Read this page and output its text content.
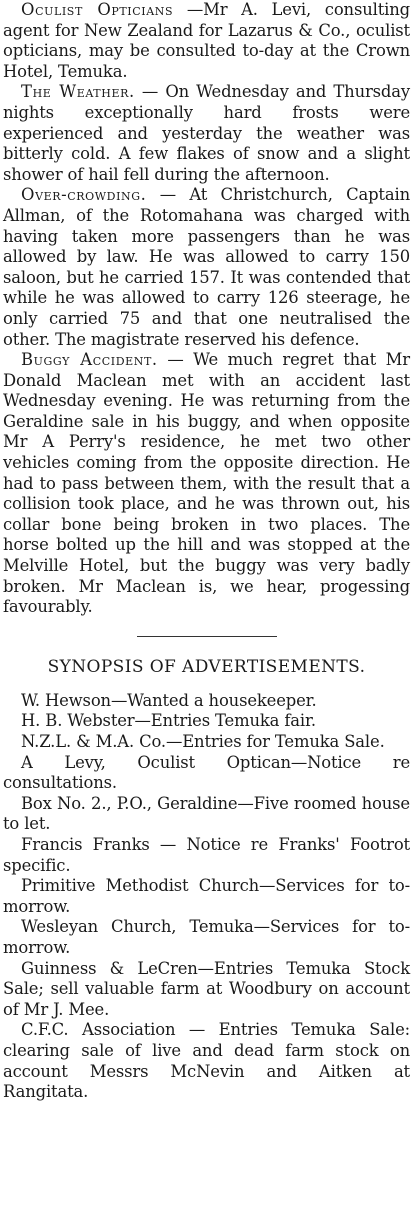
Oculist Opticians —Mr A. Levi, consulting agent for New Zealand for Lazarus & Co., oculist opticians, may be consulted to-day at the Crown Hotel, Temuka.

The Weather. — On Wednesday and Thursday nights exceptionally hard frosts were experienced and yesterday the weather was bitterly cold. A few flakes of snow and a slight shower of hail fell during the afternoon.

Over-crowding. — At Christchurch, Captain Allman, of the Rotomahana was charged with having taken more passengers than he was allowed by law. He was allowed to carry 150 saloon, but he carried 157. It was contended that while he was allowed to carry 126 steerage, he only carried 75 and that one neutralised the other. The magistrate reserved his defence.

Buggy Accident. — We much regret that Mr Donald Maclean met with an accident last Wednesday evening. He was returning from the Geraldine sale in his buggy, and when opposite Mr A Perry's residence, he met two other vehicles coming from the opposite direction. He had to pass between them, with the result that a collision took place, and he was thrown out, his collar bone being broken in two places. The horse bolted up the hill and was stopped at the Melville Hotel, but the buggy was very badly broken. Mr Maclean is, we hear, progessing favourably.

SYNOPSIS OF ADVERTISEMENTS.

W. Hewson—Wanted a housekeeper.

H. B. Webster—Entries Temuka fair.

N.Z.L. & M.A. Co.—Entries for Temuka Sale.

A Levy, Oculist Optican—Notice re consultations.

Box No. 2., P.O., Geraldine—Five roomed house to let.

Francis Franks — Notice re Franks' Footrot specific.

Primitive Methodist Church—Services for to-morrow.

Wesleyan Church, Temuka—Services for to-morrow.

Guinness & LeCren—Entries Temuka Stock Sale; sell valuable farm at Woodbury on account of Mr J. Mee.

C.F.C. Association — Entries Temuka Sale: clearing sale of live and dead farm stock on account Messrs McNevin and Aitken at Rangitata.
